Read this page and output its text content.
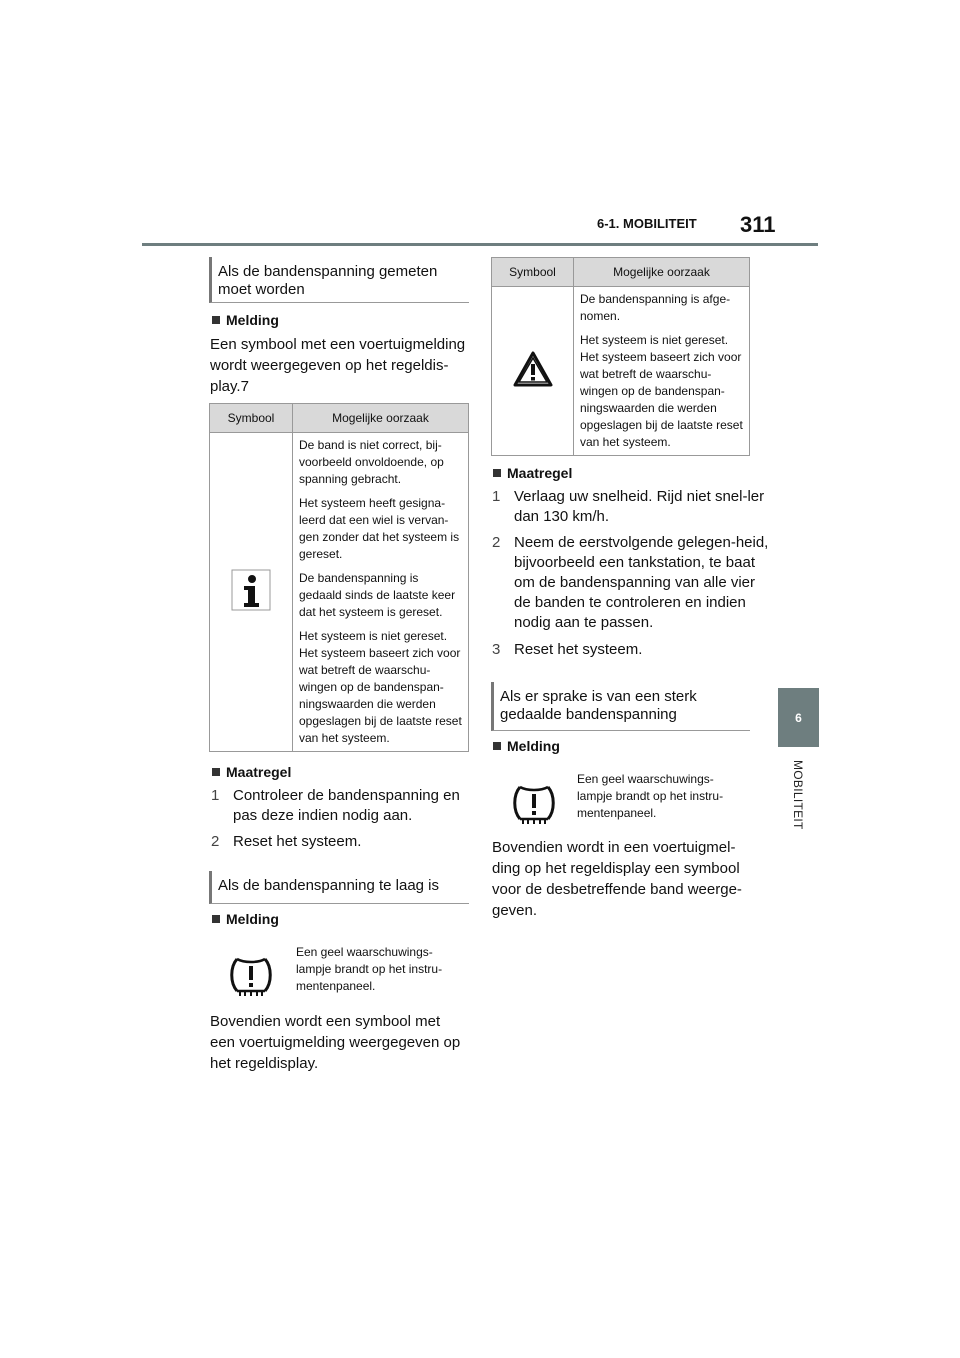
6-1. MOBILITEIT 311
6
MOBILITEIT
Als de bandenspanning gemeten moet worden
Melding
Een symbool met een voertuigmelding wordt weergegeven op het regeldis-play.7
Symbool	Mogelijke oorzaak

De band is niet correct, bij-voorbeeld onvoldoende, op spanning gebracht.

Het systeem heeft gesigna-leerd dat een wiel is vervan-gen zonder dat het systeem is gereset.

De bandenspanning is gedaald sinds de laatste keer dat het systeem is gereset.

Het systeem is niet gereset. Het systeem baseert zich voor wat betreft de waarschu-wingen op de bandenspan-ningswaarden die werden opgeslagen bij de laatste reset van het systeem.

Maatregel
1 Controleer de bandenspanning en pas deze indien nodig aan.
2 Reset het systeem.
Als de bandenspanning te laag is
Melding
Een geel waarschuwings-lampje brandt op het instru-mentenpaneel.
Bovendien wordt een symbool met een voertuigmelding weergegeven op het regeldisplay.
Symbool	Mogelijke oorzaak

De bandenspanning is afge-nomen.

Het systeem is niet gereset. Het systeem baseert zich voor wat betreft de waarschu-wingen op de bandenspan-ningswaarden die werden opgeslagen bij de laatste reset van het systeem.

Maatregel
1 Verlaag uw snelheid. Rijd niet snel-ler dan 130 km/h.
2 Neem de eerstvolgende gelegen-heid, bijvoorbeeld een tankstation, te baat om de bandenspanning van alle vier de banden te controleren en indien nodig aan te passen.
3 Reset het systeem.
Als er sprake is van een sterk gedaalde bandenspanning
Melding
Een geel waarschuwings-lampje brandt op het instru-mentenpaneel.
Bovendien wordt in een voertuigmel-ding op het regeldisplay een symbool voor de desbetreffende band weerge-geven.
